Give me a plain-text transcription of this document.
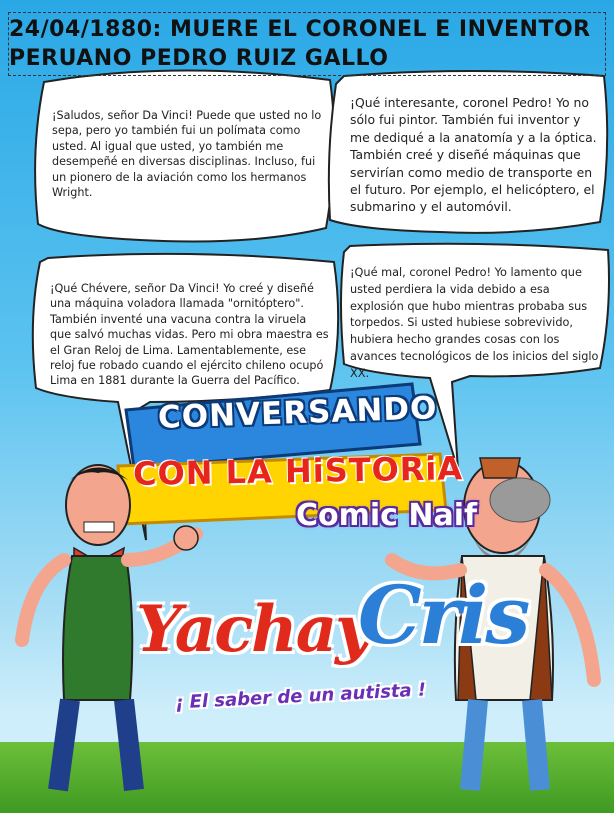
24/04/1880: MUERE EL CORONEL E INVENTOR
PERUANO PEDRO RUIZ GALLO
¡Saludos, señor Da Vinci! Puede que usted no lo sepa, pero yo también fui un polímata como usted. Al igual que usted, yo también me desempeñé en diversas disciplinas. Incluso, fui un pionero de la aviación como los hermanos Wright.
¡Qué interesante, coronel Pedro! Yo no sólo fui pintor. También fui inventor y me dediqué a la anatomía y a la óptica. También creé y diseñé máquinas que servirían como medio de transporte en el futuro. Por ejemplo, el helicóptero, el submarino y el automóvil.
¡Qué Chévere, señor Da Vinci! Yo creé y diseñé una máquina voladora llamada "ornitóptero". También inventé una vacuna contra la viruela que salvó muchas vidas. Pero mi obra maestra es el Gran Reloj de Lima. Lamentablemente, ese reloj fue robado cuando el ejército chileno ocupó Lima en 1881 durante la Guerra del Pacífico.
¡Qué mal, coronel Pedro! Yo lamento que usted perdiera la vida debido a esa explosión que hubo mientras probaba sus torpedos. Si usted hubiese sobrevivido, hubiera hecho grandes cosas con los avances tecnológicos de los inicios del siglo XX.
CONVERSANDO
CON LA HiSTORiA
Comic Naif
Yachay
Cris
¡ El saber de un autista !
